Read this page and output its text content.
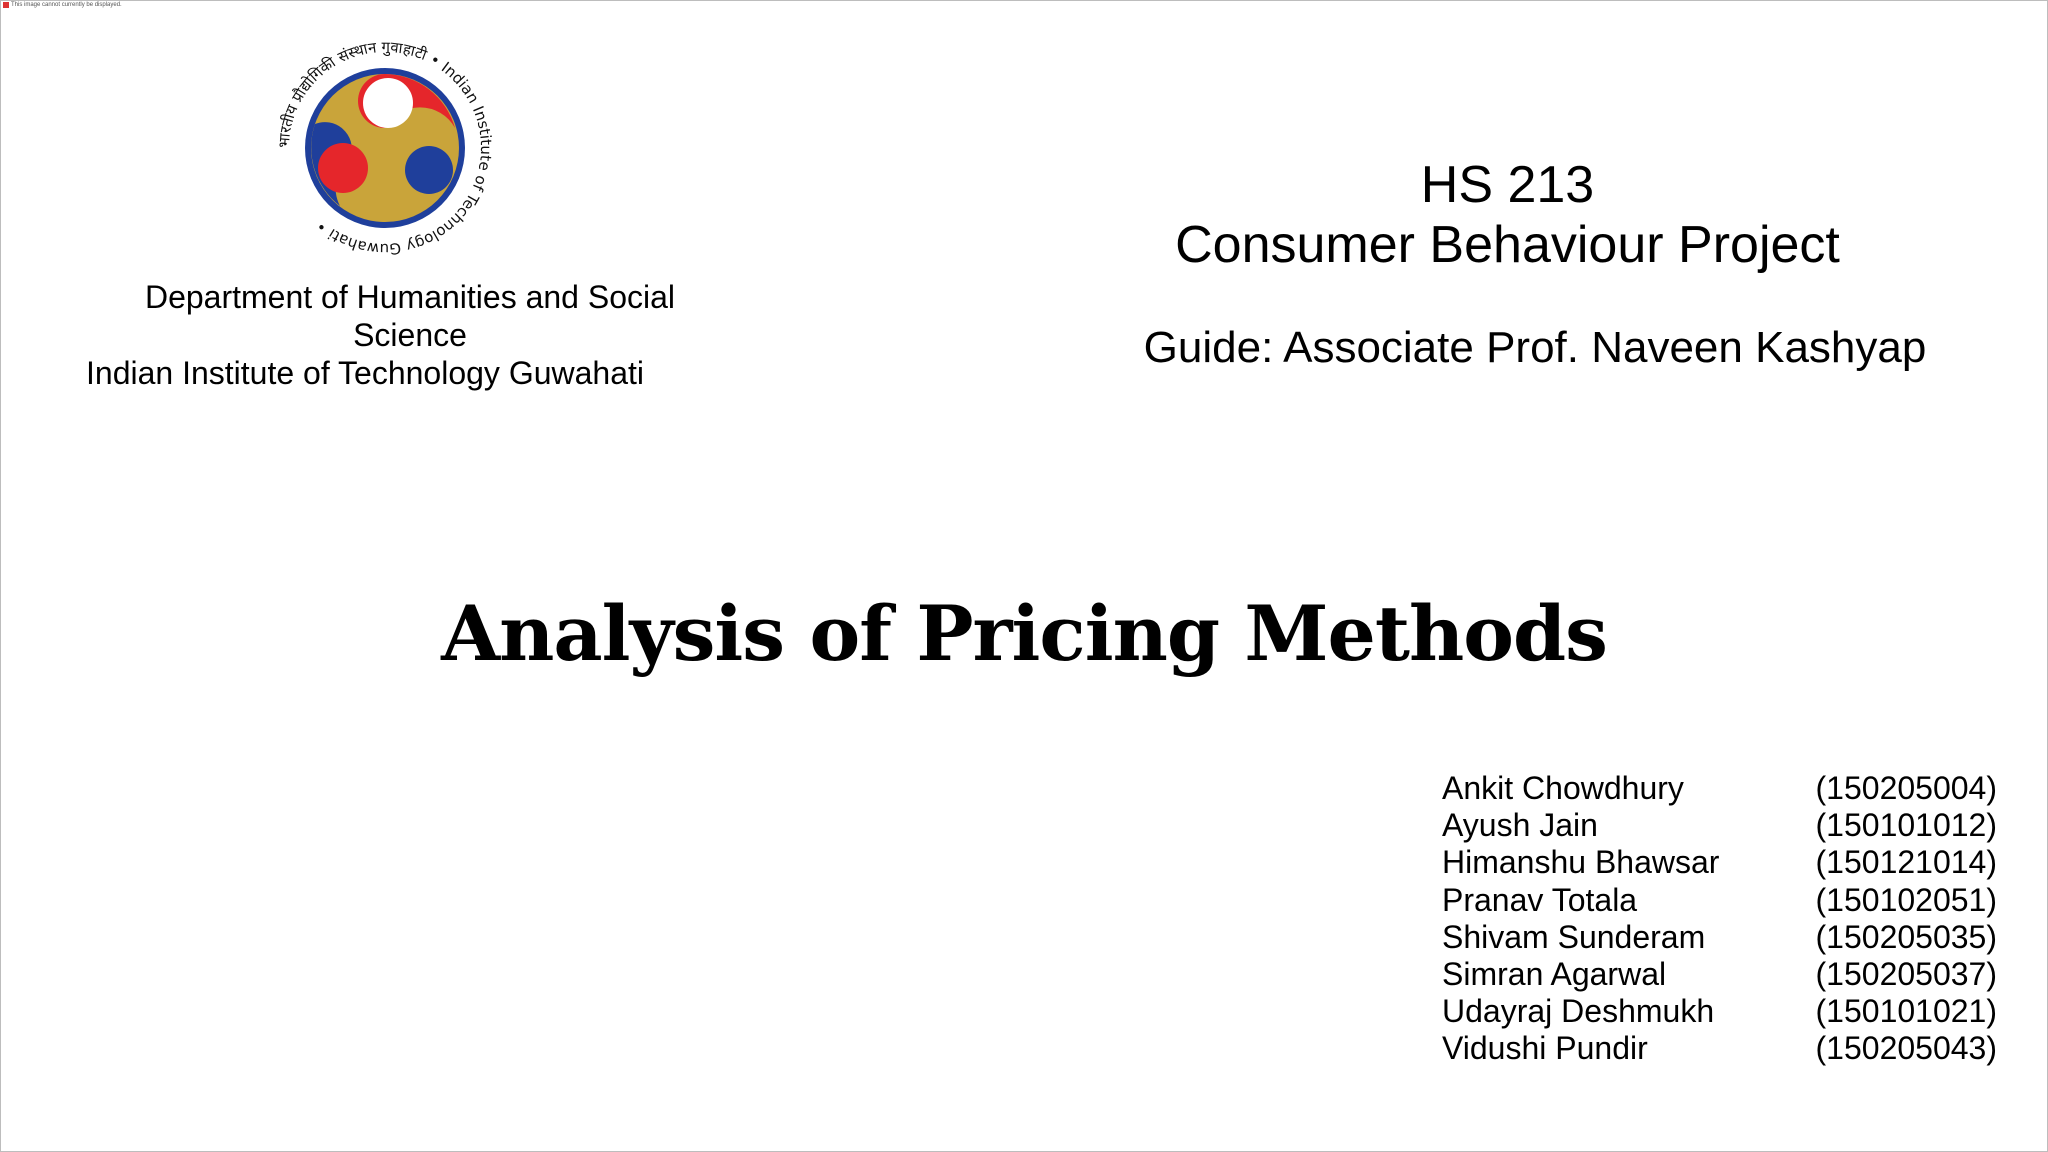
This image cannot currently be displayed.
भारतीय प्रौद्योगिकी संस्थान गुवाहाटी • Indian Institute of Technology Guwahati •
Department of Humanities and Social
Science
Indian Institute of Technology Guwahati
HS 213
Consumer Behaviour Project
Guide: Associate Prof. Naveen Kashyap
Analysis of Pricing Methods
Ankit Chowdhury	(150205004)
Ayush Jain	(150101012)
Himanshu Bhawsar	(150121014)
Pranav Totala	(150102051)
Shivam Sunderam	(150205035)
Simran Agarwal	(150205037)
Udayraj Deshmukh	(150101021)
Vidushi Pundir	(150205043)
